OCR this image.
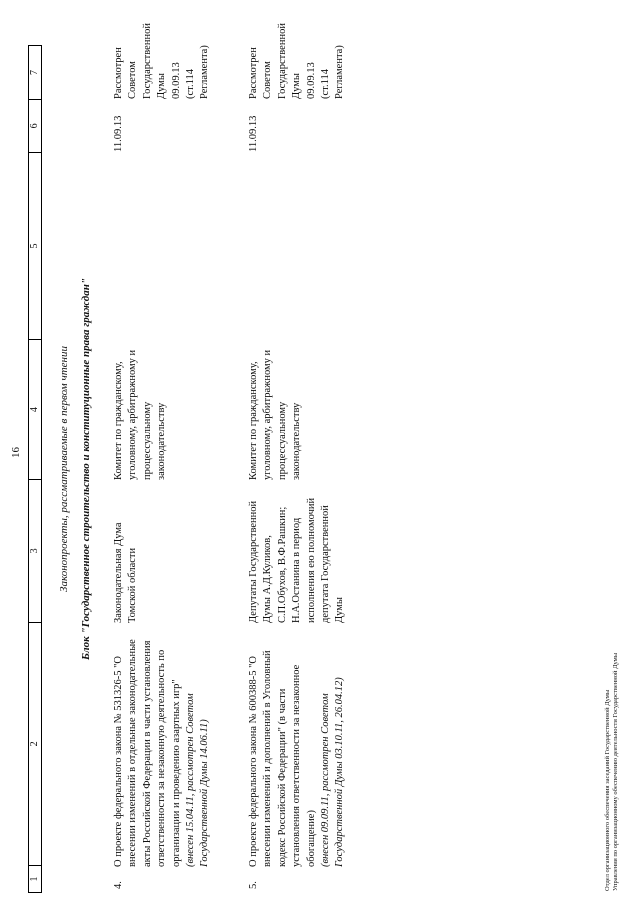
16
1
2
3
4
5
6
7
Законопроекты, рассматриваемые в первом чтении Блок "Государственное строительство и конституционные права граждан"
4.
О проекте федерального закона № 531326-5 "О внесении изменений в отдельные законодательные акты Российской Федерации в части установления ответственности за незаконную деятельность по организации и проведению азартных игр" (внесен 15.04.11, рассмотрен Советом Государственной Думы 14.06.11)
Законодательная Дума Томской области
Комитет по гражданскому, уголовному, арбитражному и процессуальному законодательству
11.09.13
Рассмотрен Советом Государственной Думы 09.09.13 (ст.114 Регламента)
5.
О проекте федерального закона № 600388-5 "О внесении изменений и дополнений в Уголовный кодекс Российской Федерации" (в части установления ответственности за незаконное обогащение) (внесен 09.09.11, рассмотрен Советом Государственной Думы 03.10.11, 26.04.12)
Депутаты Государственной Думы А.Д.Куликов, С.П.Обухов, В.Ф.Рашкин; Н.А.Останина в период исполнения ею полномочий депутата Государственной Думы
Комитет по гражданскому, уголовному, арбитражному и процессуальному законодательству
11.09.13
Рассмотрен Советом Государственной Думы 09.09.13 (ст.114 Регламента)
Отдел организационного обеспечения заседаний Государственной Думы Управления по организационному обеспечению деятельности Государственной Думы
